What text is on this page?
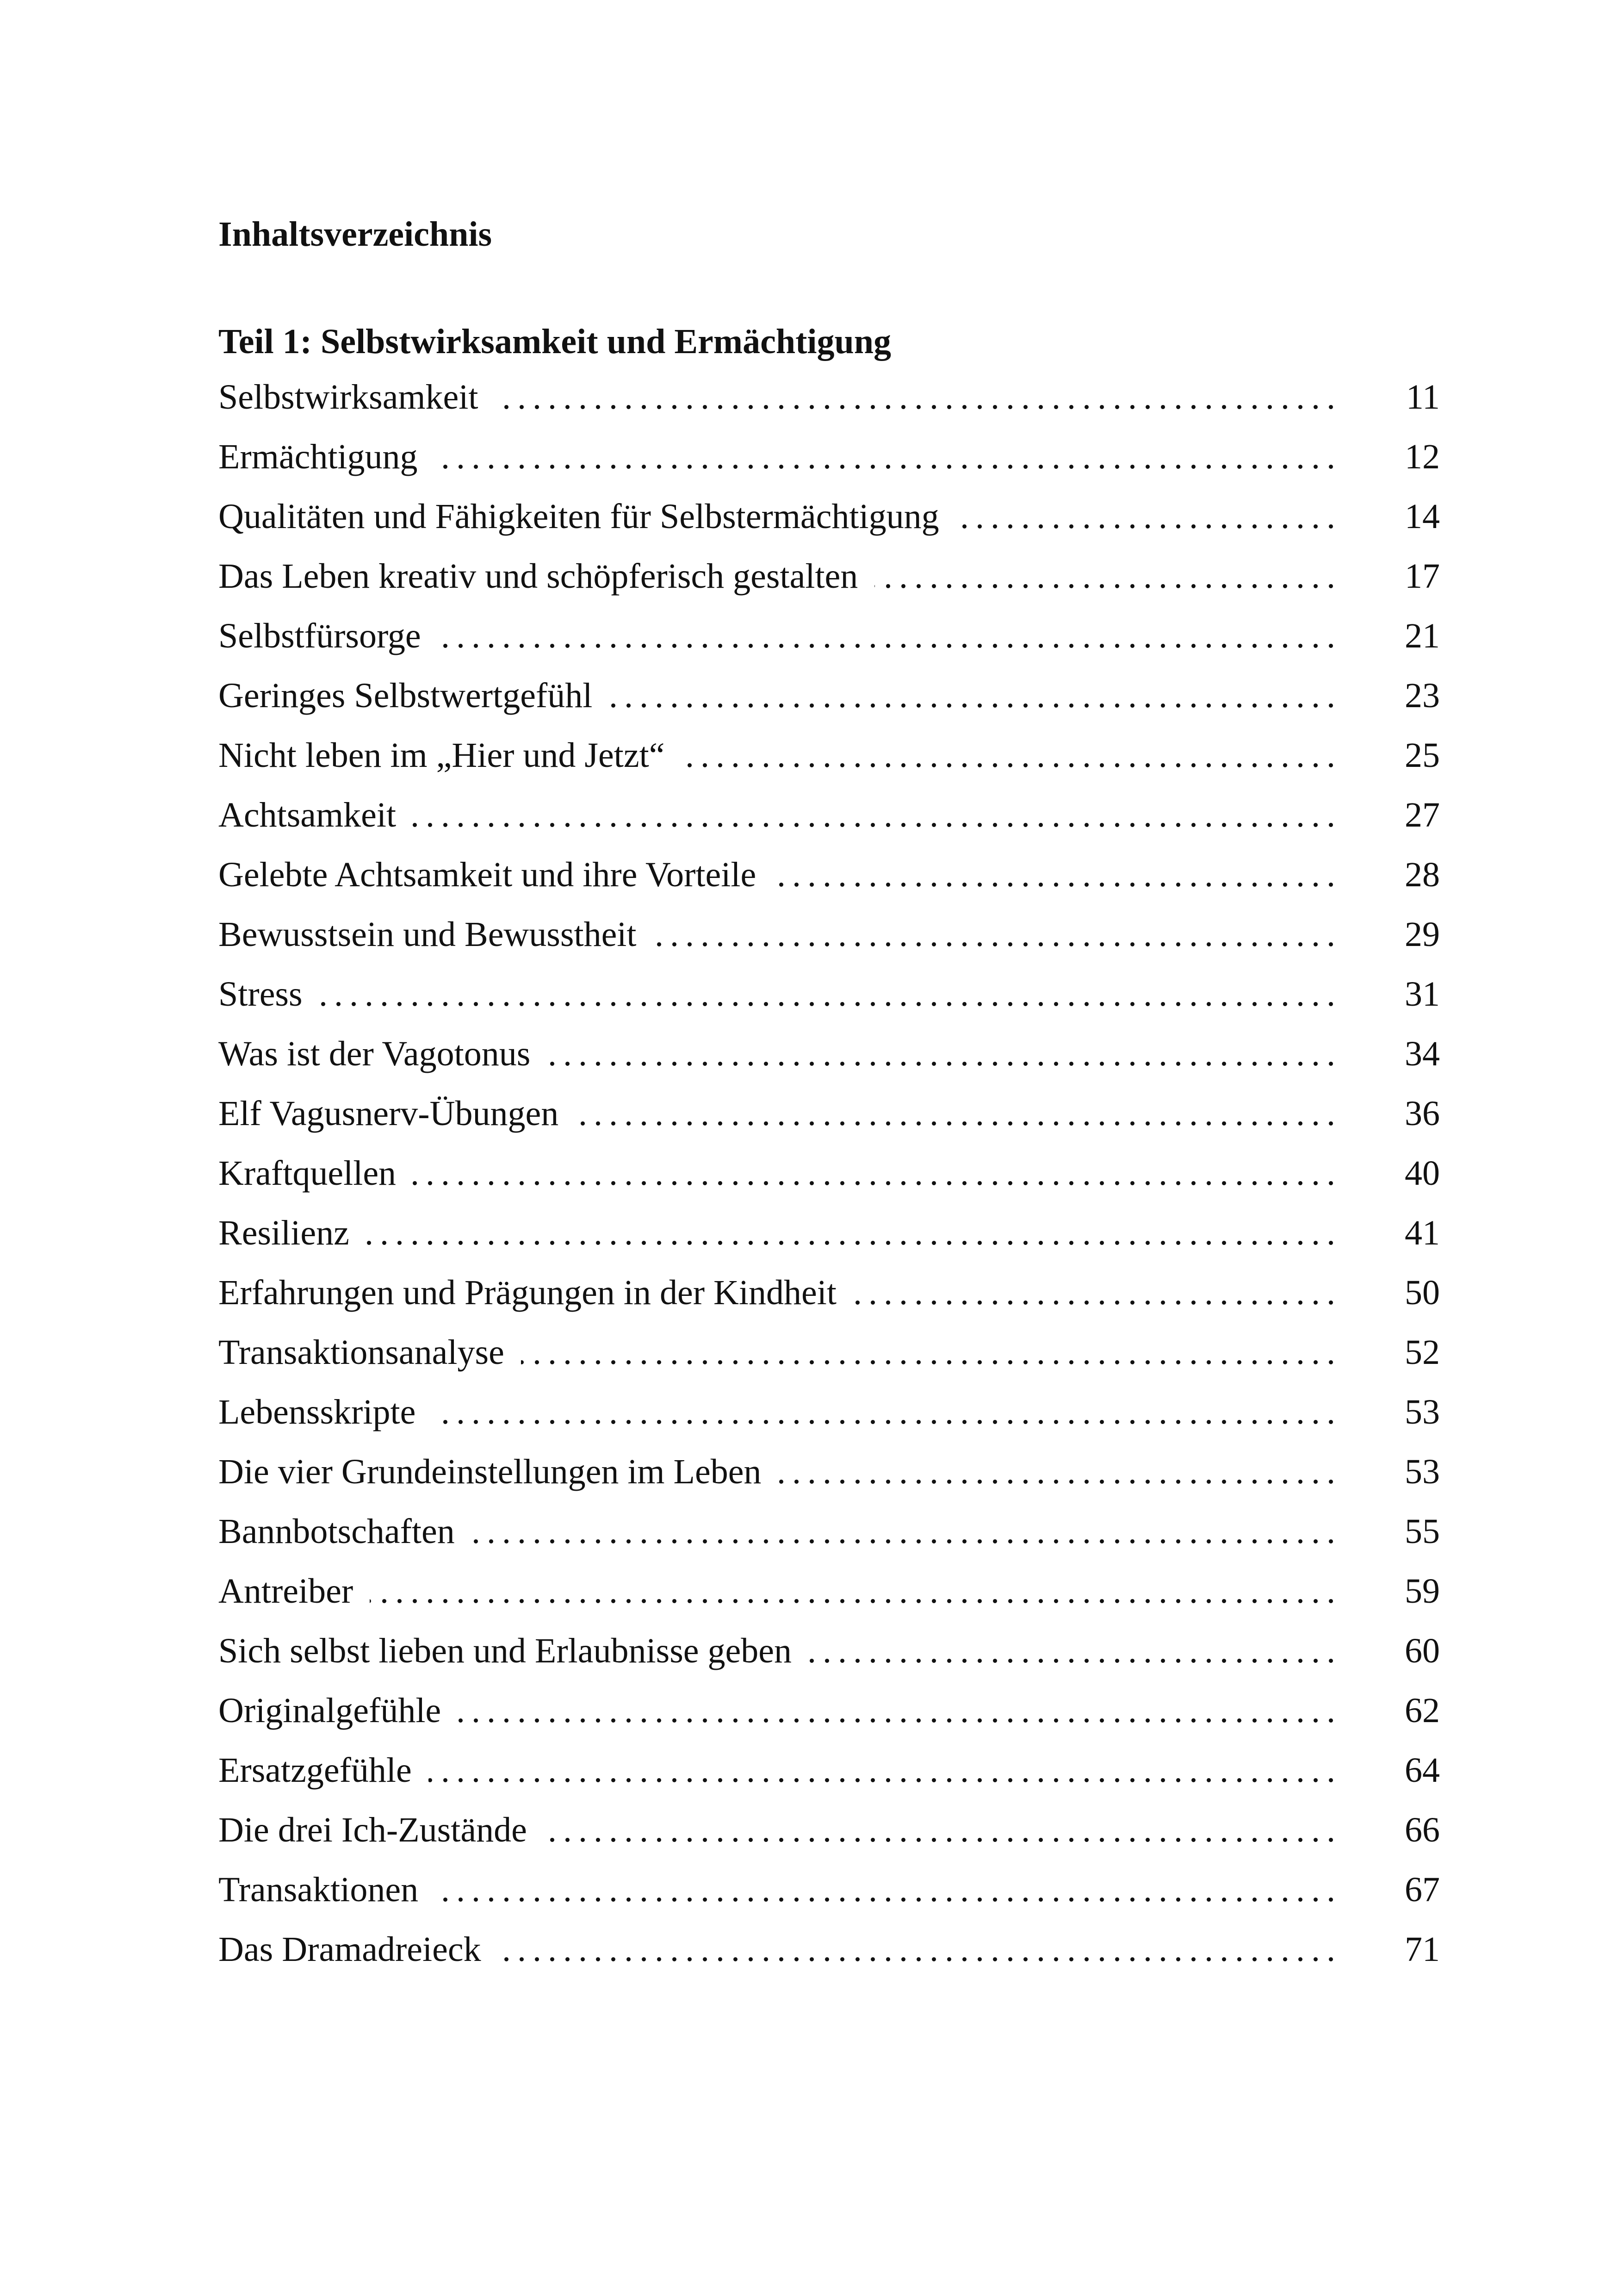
Inhaltsverzeichnis
Teil 1: Selbstwirksamkeit und Ermächtigung
.....
Selbstwirksamkeit	11
.....
Ermächtigung	12
.....
Qualitäten und Fähigkeiten für Selbstermächtigung	14
.....
Das Leben kreativ und schöpferisch gestalten	17
.....
Selbstfürsorge	21
.....
Geringes Selbstwertgefühl	23
.....
Nicht leben im „Hier und Jetzt“	25
.....
Achtsamkeit	27
.....
Gelebte Achtsamkeit und ihre Vorteile	28
.....
Bewusstsein und Bewusstheit	29
.....
Stress	31
.....
Was ist der Vagotonus	34
.....
Elf Vagusnerv-Übungen	36
.....
Kraftquellen	40
.....
Resilienz	41
.....
Erfahrungen und Prägungen in der Kindheit	50
.....
Transaktionsanalyse	52
.....
Lebensskripte	53
.....
Die vier Grundeinstellungen im Leben	53
.....
Bannbotschaften	55
.....
Antreiber	59
.....
Sich selbst lieben und Erlaubnisse geben	60
.....
Originalgefühle	62
.....
Ersatzgefühle	64
.....
Die drei Ich-Zustände	66
.....
Transaktionen	67
.....
Das Dramadreieck	71
